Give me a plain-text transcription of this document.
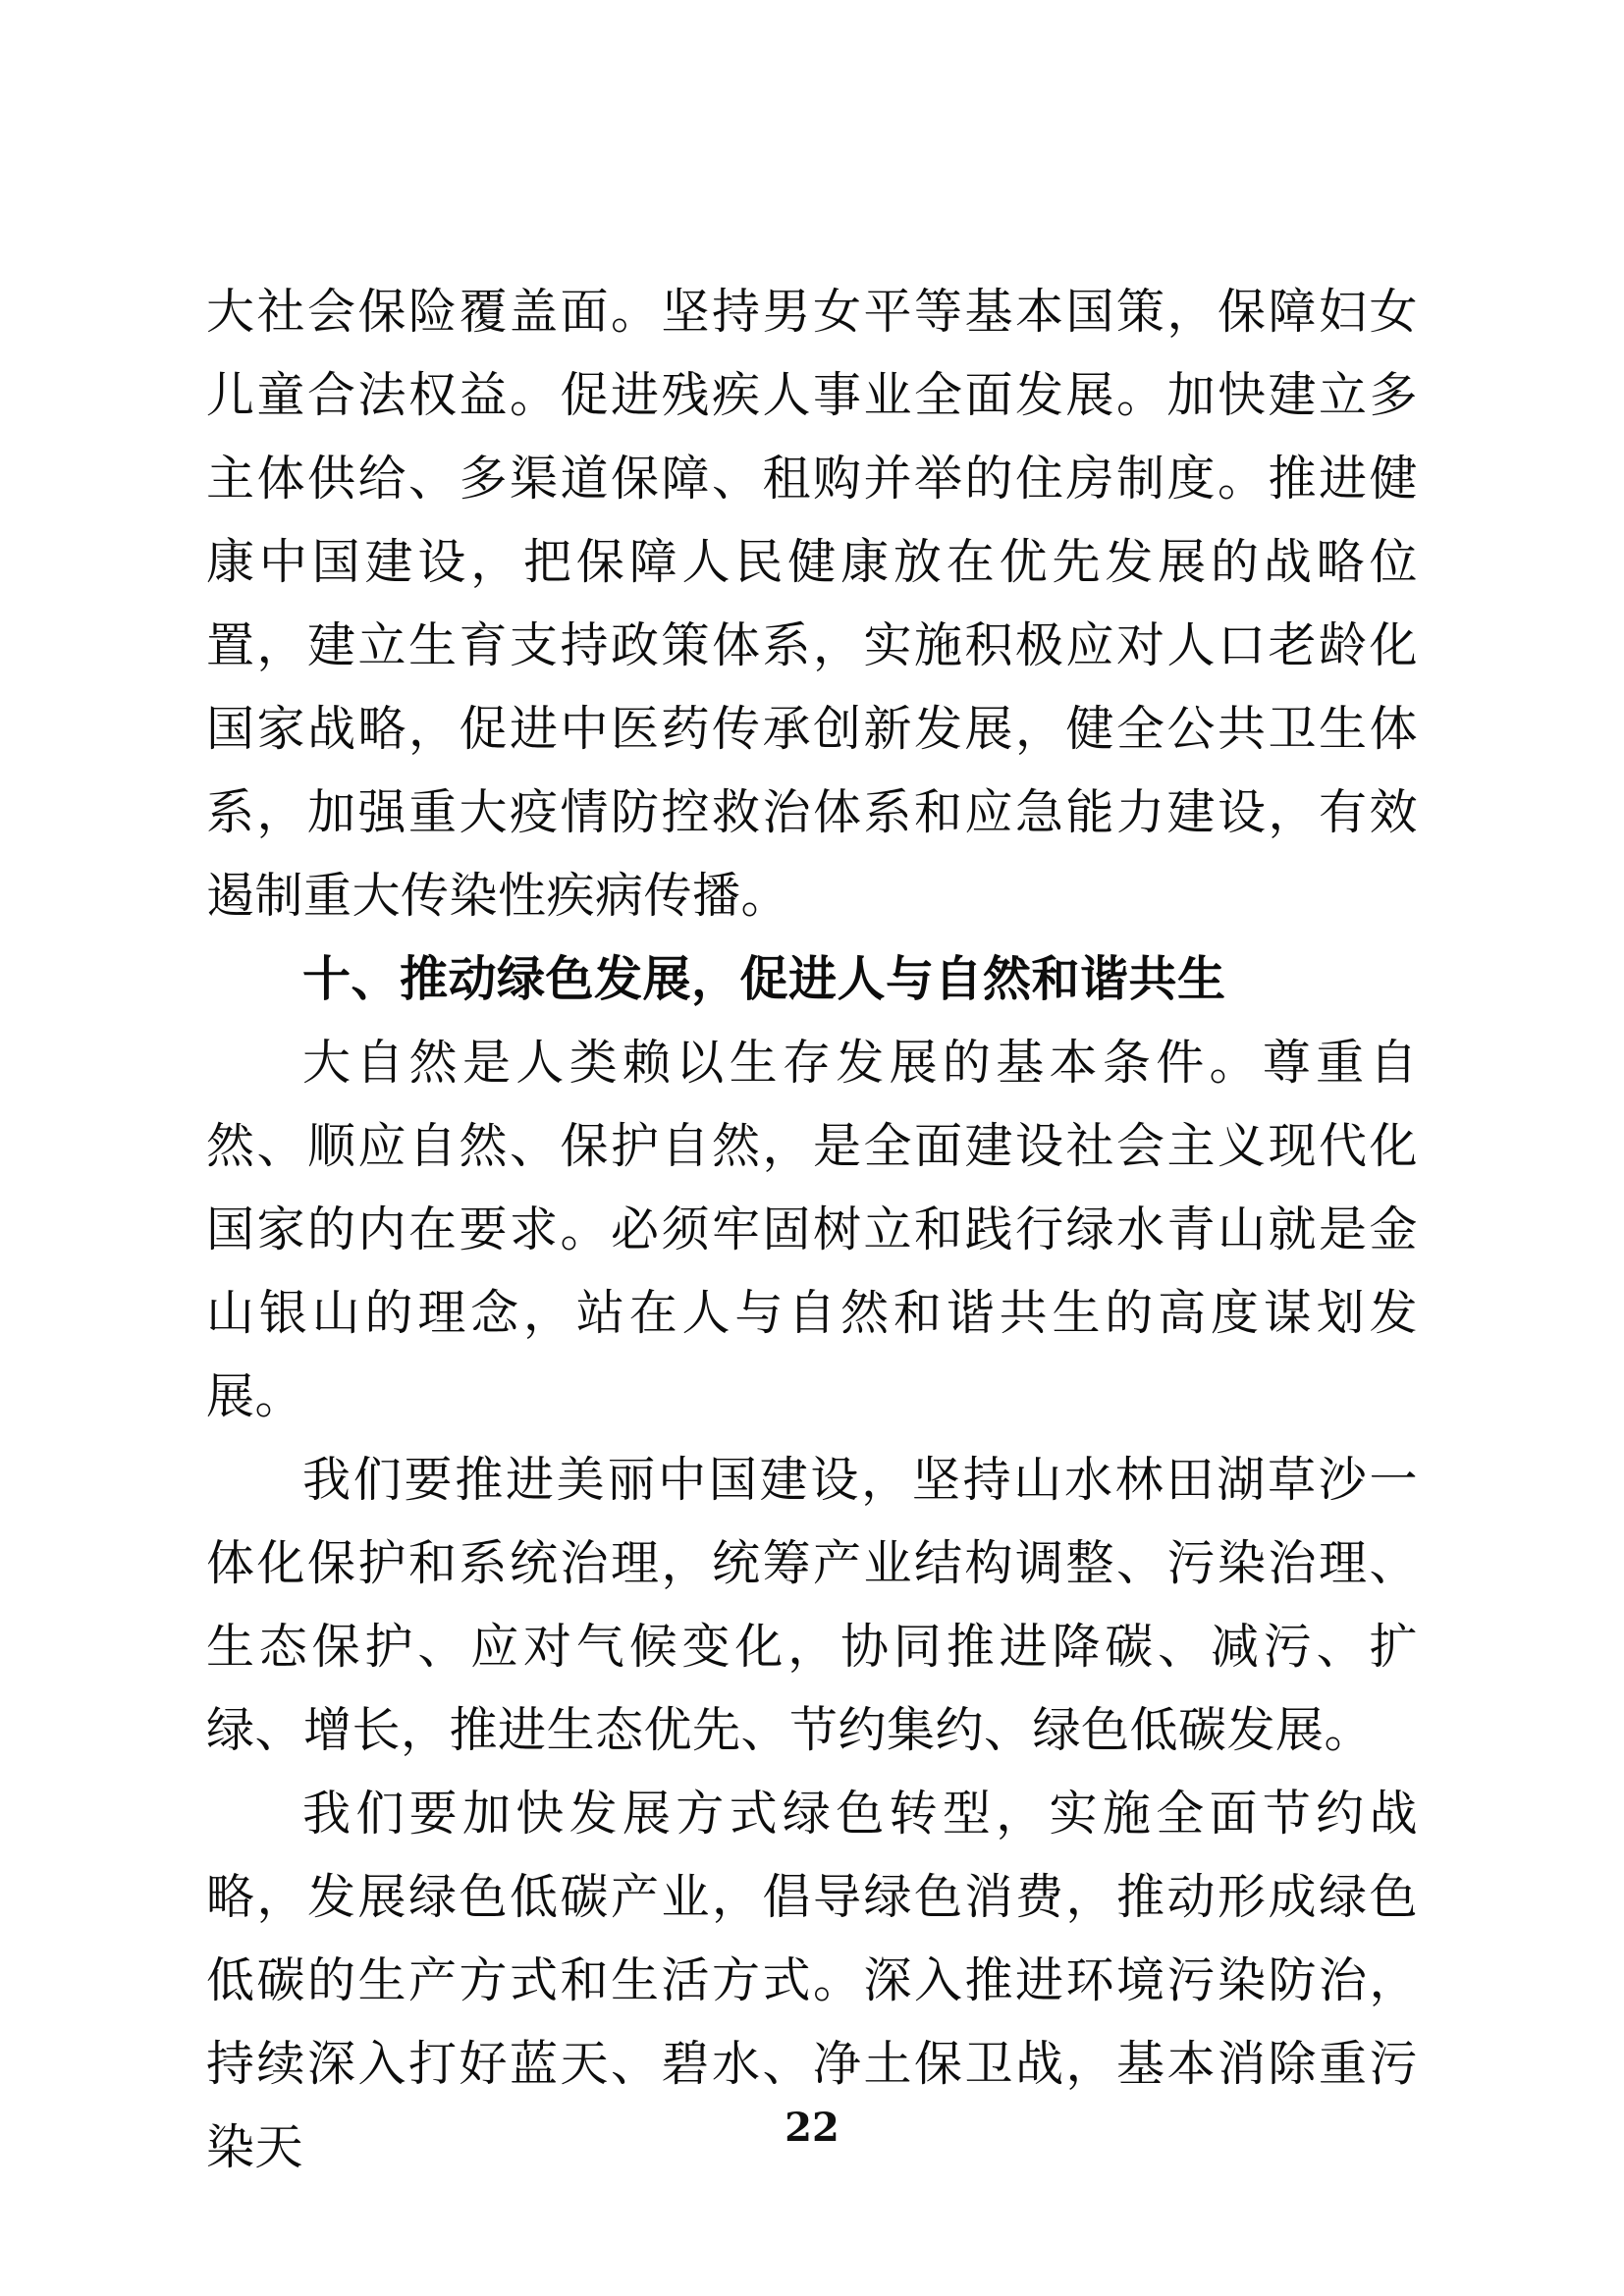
大社会保险覆盖面。坚持男女平等基本国策，保障妇女儿童合法权益。促进残疾人事业全面发展。加快建立多主体供给、多渠道保障、租购并举的住房制度。推进健康中国建设，把保障人民健康放在优先发展的战略位置，建立生育支持政策体系，实施积极应对人口老龄化国家战略，促进中医药传承创新发展，健全公共卫生体系，加强重大疫情防控救治体系和应急能力建设，有效遏制重大传染性疾病传播。

十、推动绿色发展，促进人与自然和谐共生

大自然是人类赖以生存发展的基本条件。尊重自然、顺应自然、保护自然，是全面建设社会主义现代化国家的内在要求。必须牢固树立和践行绿水青山就是金山银山的理念，站在人与自然和谐共生的高度谋划发展。

我们要推进美丽中国建设，坚持山水林田湖草沙一体化保护和系统治理，统筹产业结构调整、污染治理、生态保护、应对气候变化，协同推进降碳、减污、扩绿、增长，推进生态优先、节约集约、绿色低碳发展。

我们要加快发展方式绿色转型，实施全面节约战略，发展绿色低碳产业，倡导绿色消费，推动形成绿色低碳的生产方式和生活方式。深入推进环境污染防治，持续深入打好蓝天、碧水、净土保卫战，基本消除重污染天	22
